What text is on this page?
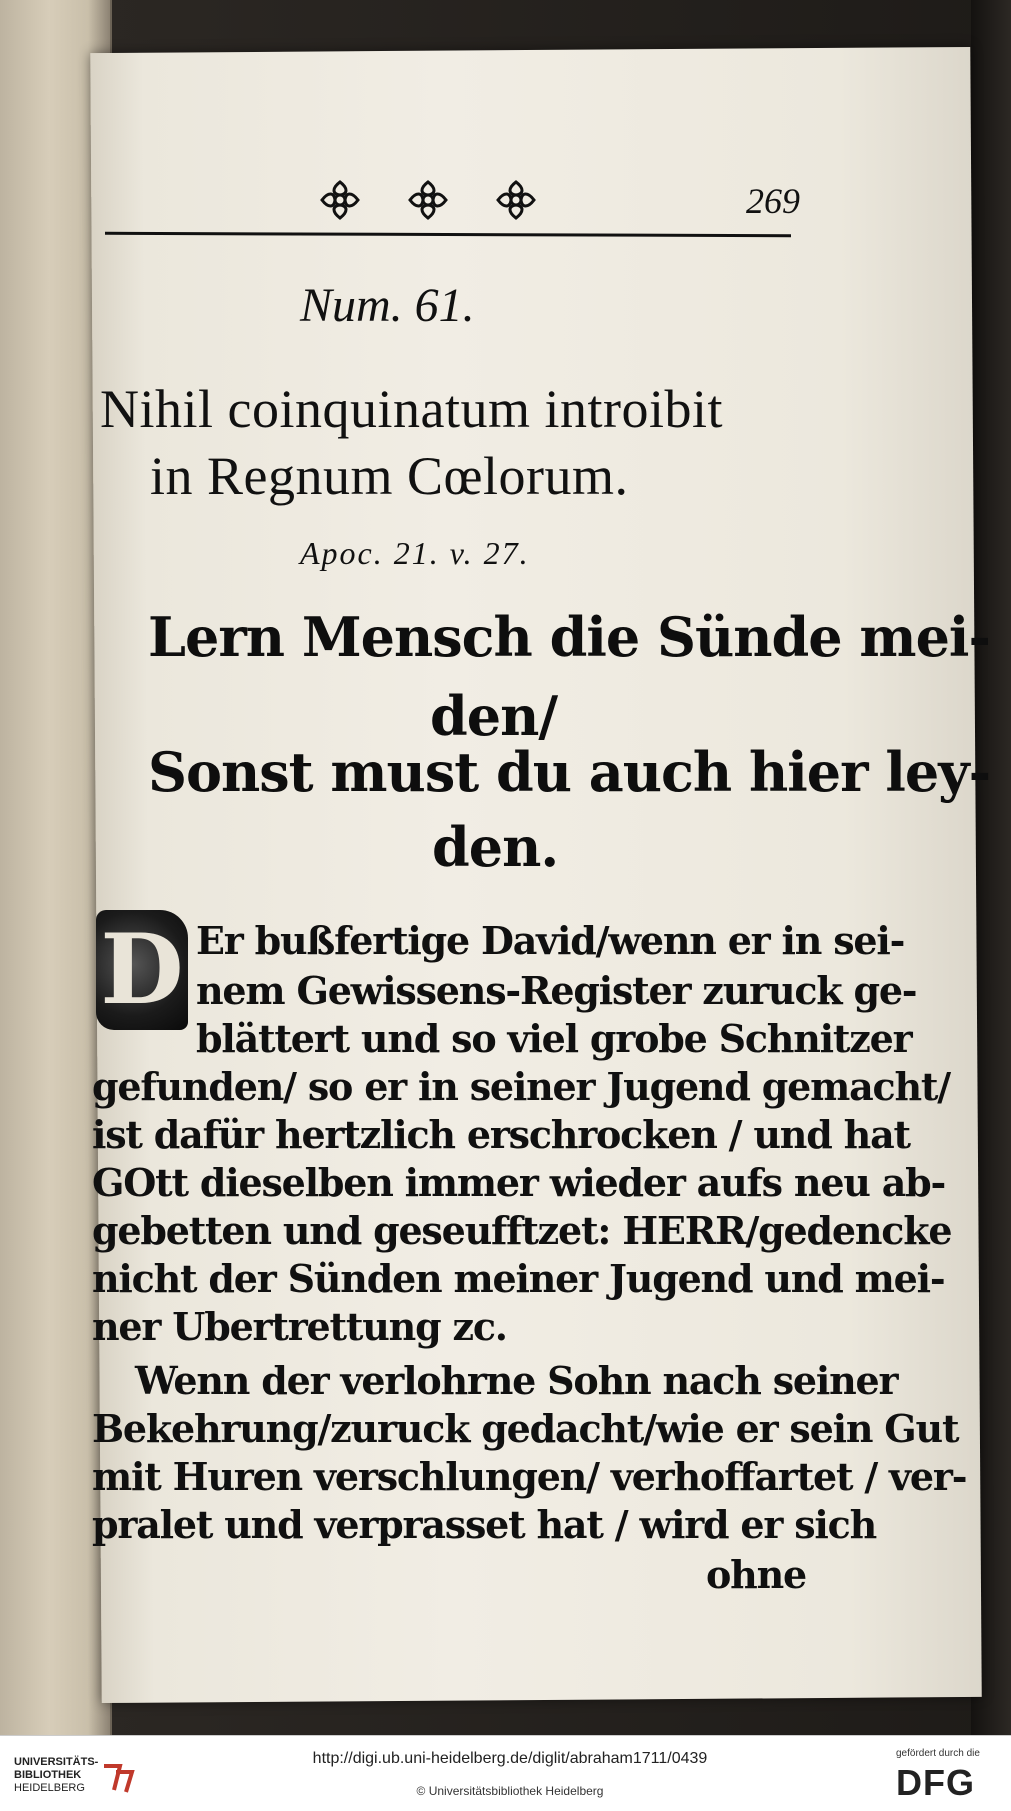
269
Num. 61.
Nihil coinquinatum introibit
in Regnum Cœlorum.
Apoc. 21. v. 27.
Lern Mensch die Sünde mei-
den/
Sonst must du auch hier ley-
den.
D Er bußfertige David/wenn er in sei-
nem Gewissens-Register zuruck ge-
blättert und so viel grobe Schnitzer
gefunden/ so er in seiner Jugend gemacht/
ist dafür hertzlich erschrocken / und hat
GOtt dieselben immer wieder aufs neu ab-
gebetten und geseufftzet: HERR/gedencke
nicht der Sünden meiner Jugend und mei-
ner Ubertrettung zc.
Wenn der verlohrne Sohn nach seiner
Bekehrung/zuruck gedacht/wie er sein Gut
mit Huren verschlungen/ verhoffartet / ver-
pralet und verprasset hat / wird er sich
ohne
UNIVERSITÄTS-
BIBLIOTHEK
HEIDELBERG
http://digi.ub.uni-heidelberg.de/diglit/abraham1711/0439
© Universitätsbibliothek Heidelberg
gefördert durch die
DFG
